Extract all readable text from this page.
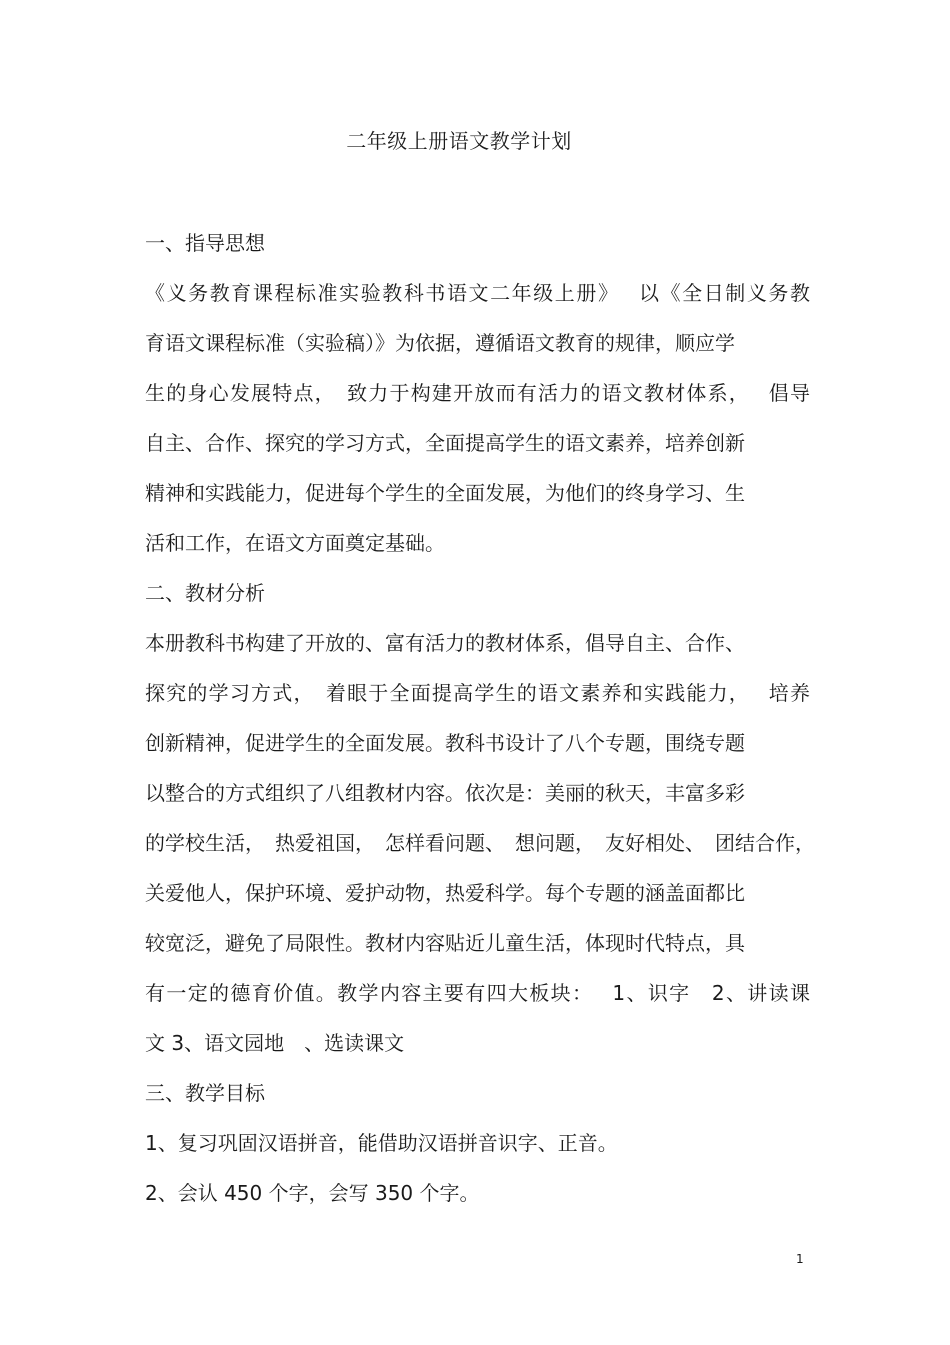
二年级上册语文教学计划
一、指导思想
《义务教育课程标准实验教科书语文二年级上册》　 以《全日制义务教
育语文课程标准（实验稿）》为依据，遵循语文教育的规律，顺应学
生的身心发展特点，　致力于构建开放而有活力的语文教材体系，　 倡导
自主、合作、探究的学习方式，全面提高学生的语文素养，培养创新
精神和实践能力，促进每个学生的全面发展，为他们的终身学习、生
活和工作，在语文方面奠定基础。
二、教材分析
本册教科书构建了开放的、富有活力的教材体系，倡导自主、合作、
探究的学习方式，　着眼于全面提高学生的语文素养和实践能力，　 培养
创新精神，促进学生的全面发展。教科书设计了八个专题，围绕专题
以整合的方式组织了八组教材内容。依次是：美丽的秋天，丰富多彩
的学校生活，　热爱祖国，　怎样看问题、　想问题，　友好相处、　团结合作，
关爱他人，保护环境、爱护动物，热爱科学。每个专题的涵盖面都比
较宽泛，避免了局限性。教材内容贴近儿童生活，体现时代特点，具
有一定的德育价值。教学内容主要有四大板块：　 1、识字　2、讲读课
文 3、语文园地　、选读课文
三、教学目标
1、复习巩固汉语拼音，能借助汉语拼音识字、正音。
2、会认 450 个字，会写 350 个字。
1
